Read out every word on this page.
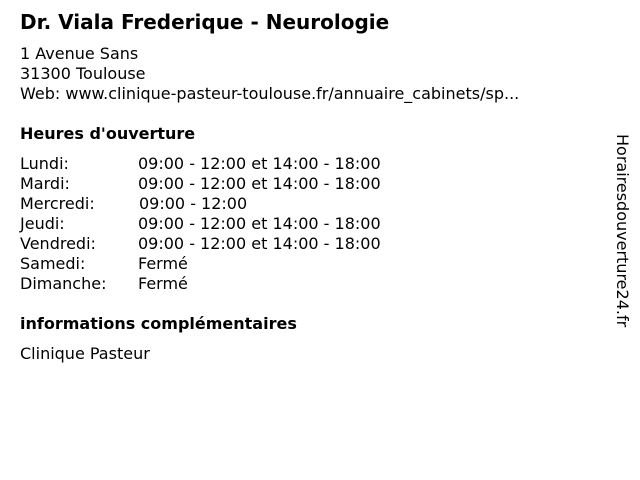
Dr. Viala Frederique - Neurologie
1 Avenue Sans
31300 Toulouse
Web: www.clinique-pasteur-toulouse.fr/annuaire_cabinets/sp...
Heures d'ouverture
Lundi:	09:00 - 12:00 et 14:00 - 18:00
Mardi:	09:00 - 12:00 et 14:00 - 18:00
Mercredi:	09:00 - 12:00
Jeudi:	09:00 - 12:00 et 14:00 - 18:00
Vendredi:	09:00 - 12:00 et 14:00 - 18:00
Samedi:	Fermé
Dimanche:	Fermé
informations complémentaires
Clinique Pasteur
Horairesdouverture24.fr
